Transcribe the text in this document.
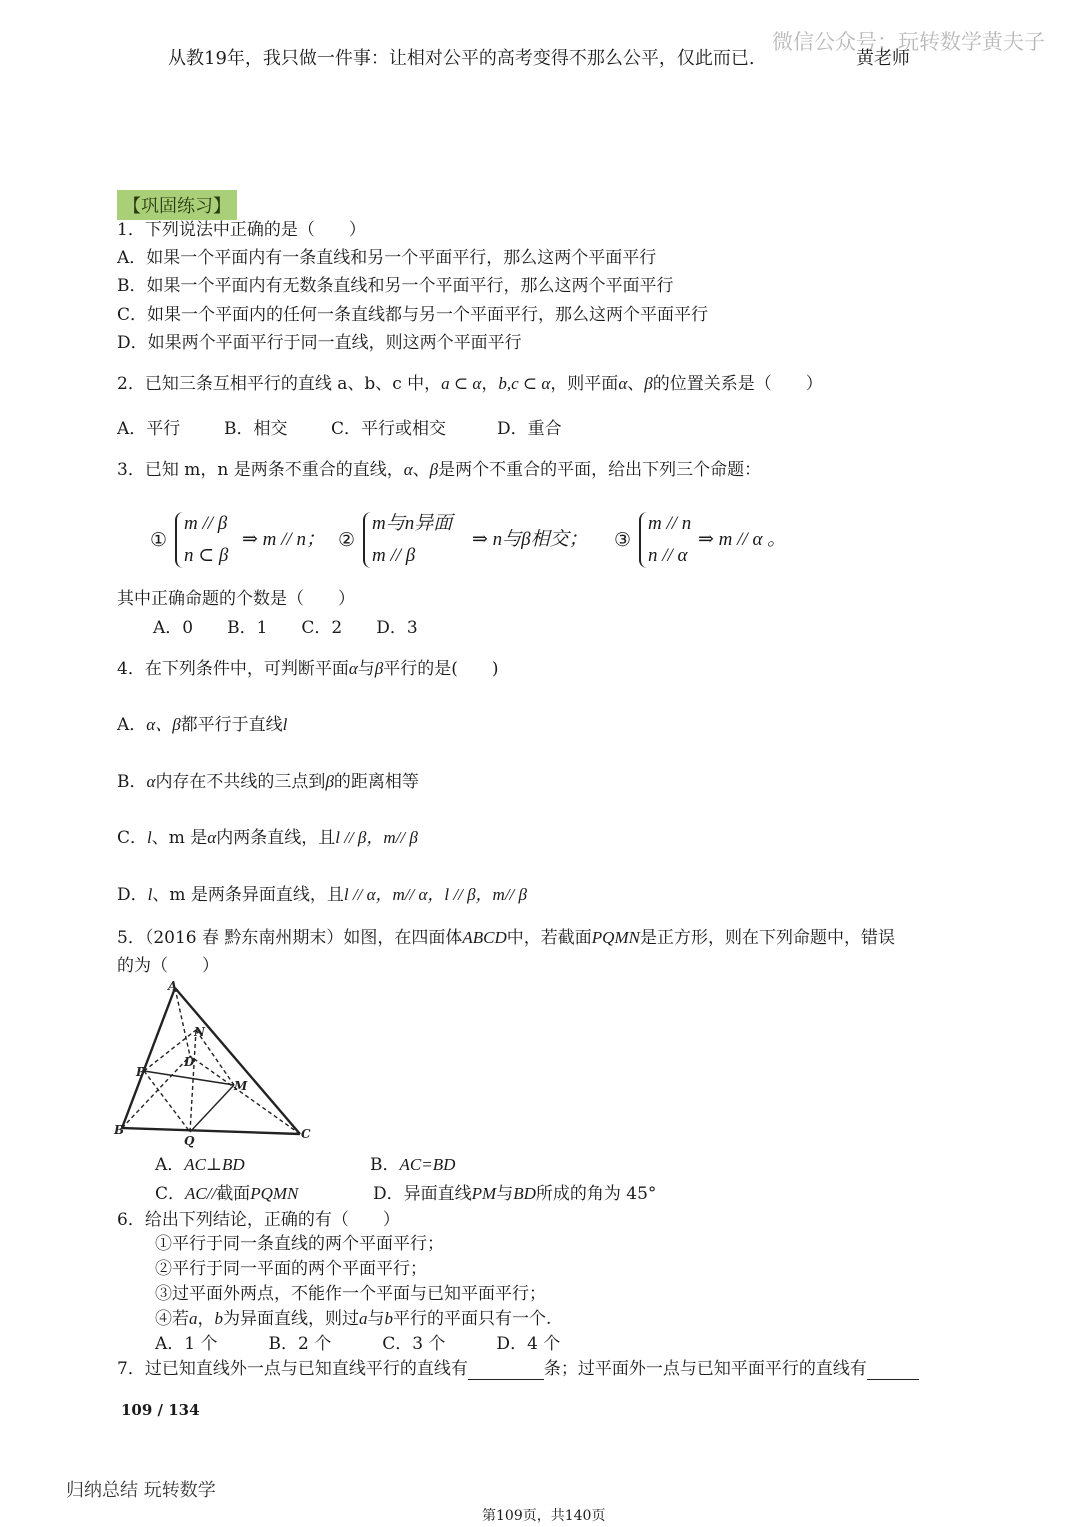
微信公众号：玩转数学黄夫子
从教19年，我只做一件事：让相对公平的高考变得不那么公平，仅此而已.	黄老师
【巩固练习】
1．下列说法中正确的是（　　）
A．如果一个平面内有一条直线和另一个平面平行，那么这两个平面平行
B．如果一个平面内有无数条直线和另一个平面平行，那么这两个平面平行
C．如果一个平面内的任何一条直线都与另一个平面平行，那么这两个平面平行
D．如果两个平面平行于同一直线，则这两个平面平行
2．已知三条互相平行的直线 a、b、c 中，a ⊂ α，b,c ⊂ α，则平面α、β的位置关系是（　　）
A．平行	B．相交	C．平行或相交	D．重合
3．已知 m，n 是两条不重合的直线，α、β是两个不重合的平面，给出下列三个命题：
①
m // β
n ⊂ β
⇒ m // n； ②
m与n异面
m // β
⇒ n与β相交； ③
m // n
n // α
⇒ m // α 。
其中正确命题的个数是（　　）
A．0　　B．1　　C．2　　D．3
4．在下列条件中，可判断平面α与β平行的是(　　)
A．α、β都平行于直线l
B．α内存在不共线的三点到β的距离相等
C．l、m 是α内两条直线，且l // β，m// β
D．l、m 是两条异面直线，且l // α，m// α，l // β，m// β
5．（2016 春 黔东南州期末）如图，在四面体ABCD中，若截面PQMN是正方形，则在下列命题中，错误
的为（　　）
A
N
D
P
M
B
Q	C
A．AC⊥BD	B．AC=BD
C．AC//截面PQMN	D．异面直线PM与BD所成的角为 45°
6．给出下列结论，正确的有（　　）
①平行于同一条直线的两个平面平行；
②平行于同一平面的两个平面平行；
③过平面外两点，不能作一个平面与已知平面平行；
④若a，b为异面直线，则过a与b平行的平面只有一个.
A．1 个　　　B．2 个　　　C．3 个　　　D．4 个
7．过已知直线外一点与已知直线平行的直线有	条；过平面外一点与已知平面平行的直线有
109 / 134
归纳总结 玩转数学
第109页，共140页
